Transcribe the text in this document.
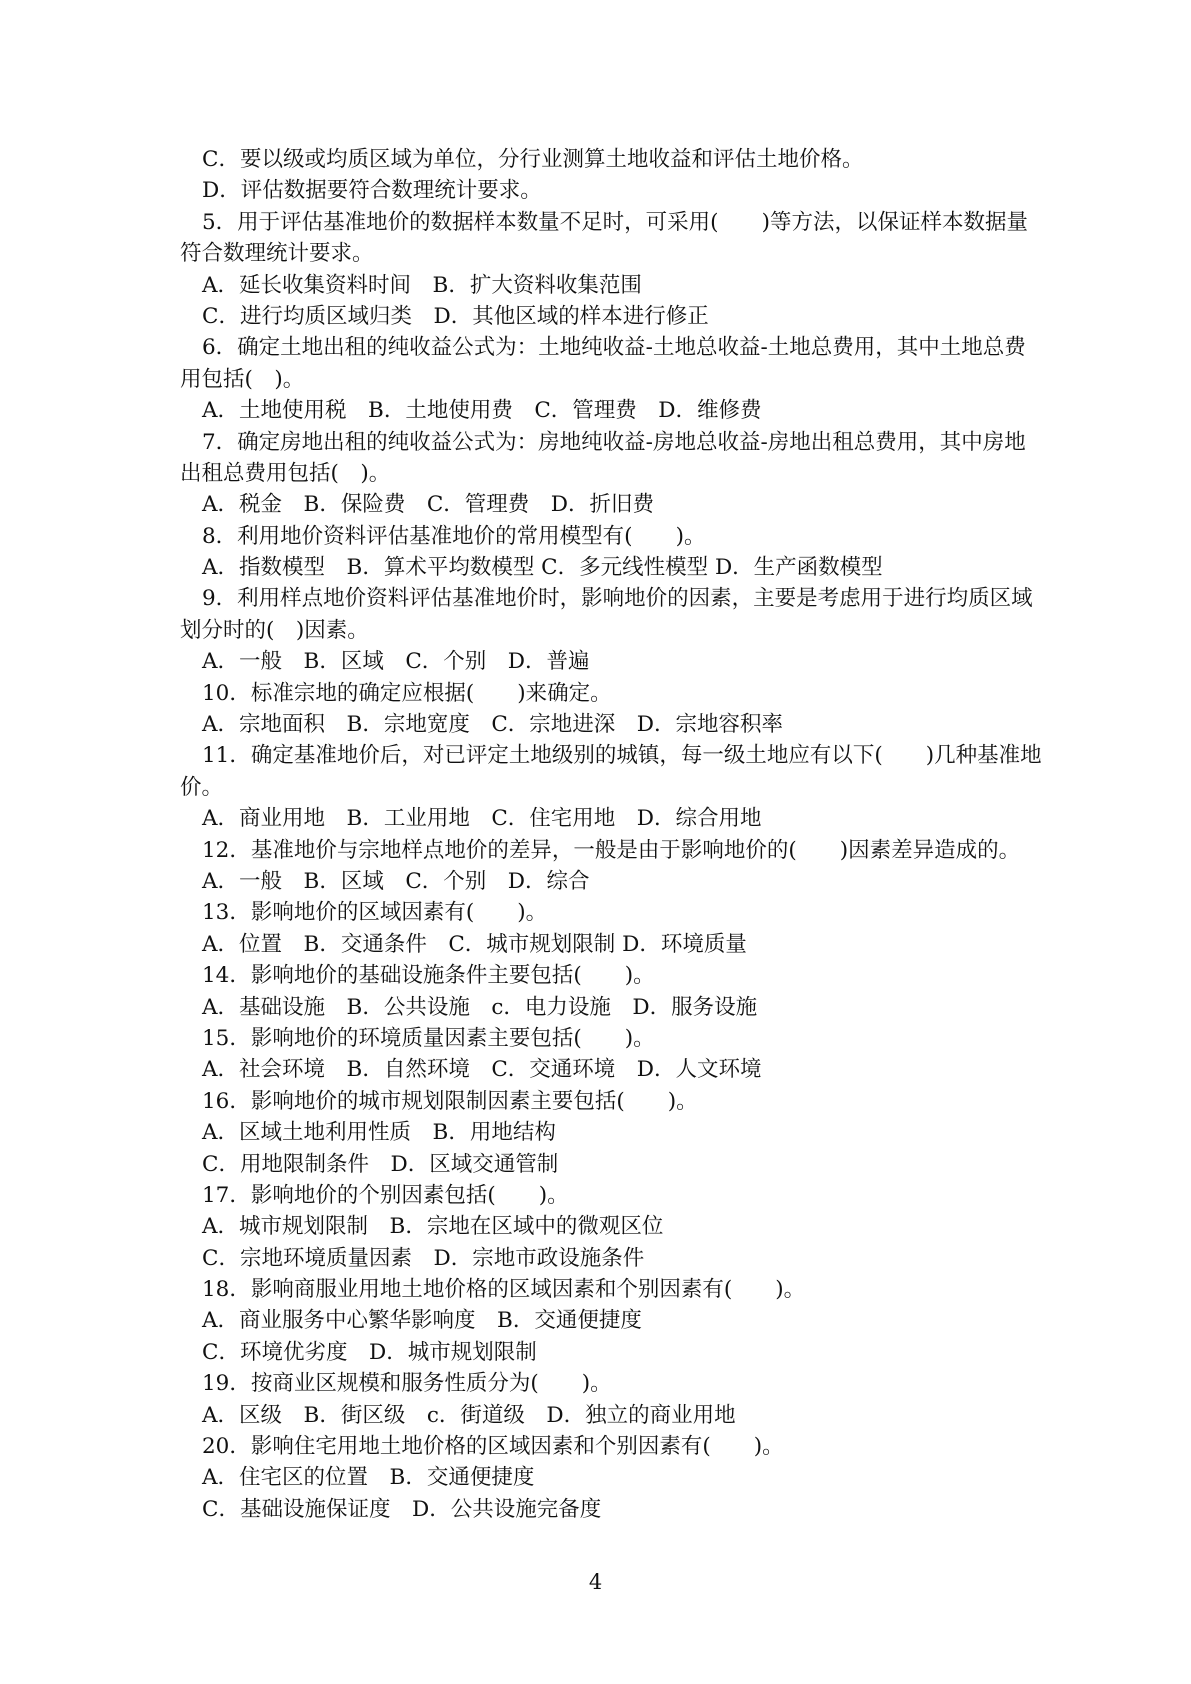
C．要以级或均质区域为单位，分行业测算土地收益和评估土地价格。
D．评估数据要符合数理统计要求。
5．用于评估基准地价的数据样本数量不足时，可采用(　　)等方法，以保证样本数据量
符合数理统计要求。
A．延长收集资料时间　B．扩大资料收集范围
C．进行均质区域归类　D．其他区域的样本进行修正
6．确定土地出租的纯收益公式为：土地纯收益-土地总收益-土地总费用，其中土地总费
用包括(　)。
A．土地使用税　B．土地使用费　C．管理费　D．维修费
7．确定房地出租的纯收益公式为：房地纯收益-房地总收益-房地出租总费用，其中房地
出租总费用包括(　)。
A．税金　B．保险费　C．管理费　D．折旧费
8．利用地价资料评估基准地价的常用模型有(　　)。
A．指数模型　B．算术平均数模型 C．多元线性模型 D．生产函数模型
9．利用样点地价资料评估基准地价时，影响地价的因素，主要是考虑用于进行均质区域
划分时的(　)因素。
A．一般　B．区域　C．个别　D．普遍
10．标准宗地的确定应根据(　　)来确定。
A．宗地面积　B．宗地宽度　C．宗地进深　D．宗地容积率
11．确定基准地价后，对已评定土地级别的城镇，每一级土地应有以下(　　)几种基准地
价。
A．商业用地　B．工业用地　C．住宅用地　D．综合用地
12．基准地价与宗地样点地价的差异，一般是由于影响地价的(　　)因素差异造成的。
A．一般　B．区域　C．个别　D．综合
13．影响地价的区域因素有(　　)。
A．位置　B．交通条件　C．城市规划限制 D．环境质量
14．影响地价的基础设施条件主要包括(　　)。
A．基础设施　B．公共设施　c．电力设施　D．服务设施
15．影响地价的环境质量因素主要包括(　　)。
A．社会环境　B．自然环境　C．交通环境　D．人文环境
16．影响地价的城市规划限制因素主要包括(　　)。
A．区域土地利用性质　B．用地结构
C．用地限制条件　D．区域交通管制
17．影响地价的个别因素包括(　　)。
A．城市规划限制　B．宗地在区域中的微观区位
C．宗地环境质量因素　D．宗地市政设施条件
18．影响商服业用地土地价格的区域因素和个别因素有(　　)。
A．商业服务中心繁华影响度　B．交通便捷度
C．环境优劣度　D．城市规划限制
19．按商业区规模和服务性质分为(　　)。
A．区级　B．街区级　c．街道级　D．独立的商业用地
20．影响住宅用地土地价格的区域因素和个别因素有(　　)。
A．住宅区的位置　B．交通便捷度
C．基础设施保证度　D．公共设施完备度
4
